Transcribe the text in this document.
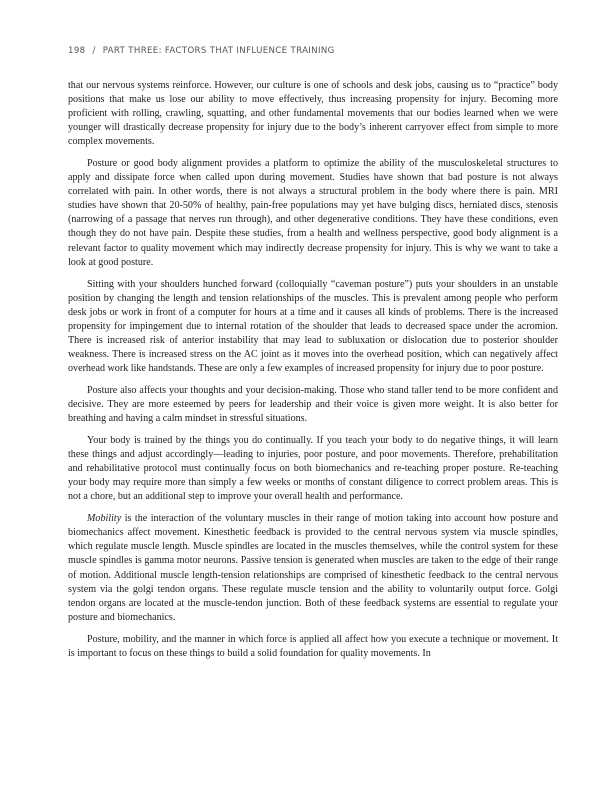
198 / PART THREE: FACTORS THAT INFLUENCE TRAINING

that our nervous systems reinforce. However, our culture is one of schools and desk jobs, causing us to “practice” body positions that make us lose our ability to move effectively, thus increasing propensity for injury. Becoming more proficient with rolling, crawling, squatting, and other fundamental movements that our bodies learned when we were younger will drastically decrease propensity for injury due to the body’s inherent carryover effect from simple to more complex movements.

Posture or good body alignment provides a platform to optimize the ability of the musculoskeletal structures to apply and dissipate force when called upon during movement. Studies have shown that bad posture is not always correlated with pain. In other words, there is not always a structural problem in the body where there is pain. MRI studies have shown that 20-50% of healthy, pain-free populations may yet have bulging discs, herniated discs, stenosis (narrowing of a passage that nerves run through), and other degenerative conditions. They have these conditions, even though they do not have pain. Despite these studies, from a health and wellness perspective, good body alignment is a relevant factor to quality movement which may indirectly decrease propensity for injury. This is why we want to take a look at good posture.

Sitting with your shoulders hunched forward (colloquially “caveman posture”) puts your shoulders in an unstable position by changing the length and tension relationships of the muscles. This is prevalent among people who perform desk jobs or work in front of a computer for hours at a time and it causes all kinds of problems. There is the increased propensity for impingement due to internal rotation of the shoulder that leads to decreased space under the acromion. There is increased risk of anterior instability that may lead to subluxation or dislocation due to posterior shoulder weakness. There is increased stress on the AC joint as it moves into the overhead position, which can negatively affect overhead work like handstands. These are only a few examples of increased propensity for injury due to poor posture.

Posture also affects your thoughts and your decision-making. Those who stand taller tend to be more confident and decisive. They are more esteemed by peers for leadership and their voice is given more weight. It is also better for breathing and having a calm mindset in stressful situations.

Your body is trained by the things you do continually. If you teach your body to do negative things, it will learn these things and adjust accordingly—leading to injuries, poor posture, and poor movements. Therefore, prehabilitation and rehabilitative protocol must continually focus on both biomechanics and re-teaching proper posture. Re-teaching your body may require more than simply a few weeks or months of constant diligence to correct problem areas. This is not a chore, but an additional step to improve your overall health and performance.

Mobility is the interaction of the voluntary muscles in their range of motion taking into account how posture and biomechanics affect movement. Kinesthetic feedback is provided to the central nervous system via muscle spindles, which regulate muscle length. Muscle spindles are located in the muscles themselves, while the control system for these muscle spindles is gamma motor neurons. Passive tension is generated when muscles are taken to the edge of their range of motion. Additional muscle length-tension relationships are comprised of kinesthetic feedback to the central nervous system via the golgi tendon organs. These regulate muscle tension and the ability to voluntarily output force. Golgi tendon organs are located at the muscle-tendon junction. Both of these feedback systems are essential to regulate your posture and biomechanics.

Posture, mobility, and the manner in which force is applied all affect how you execute a technique or movement. It is important to focus on these things to build a solid foundation for quality movements. In
